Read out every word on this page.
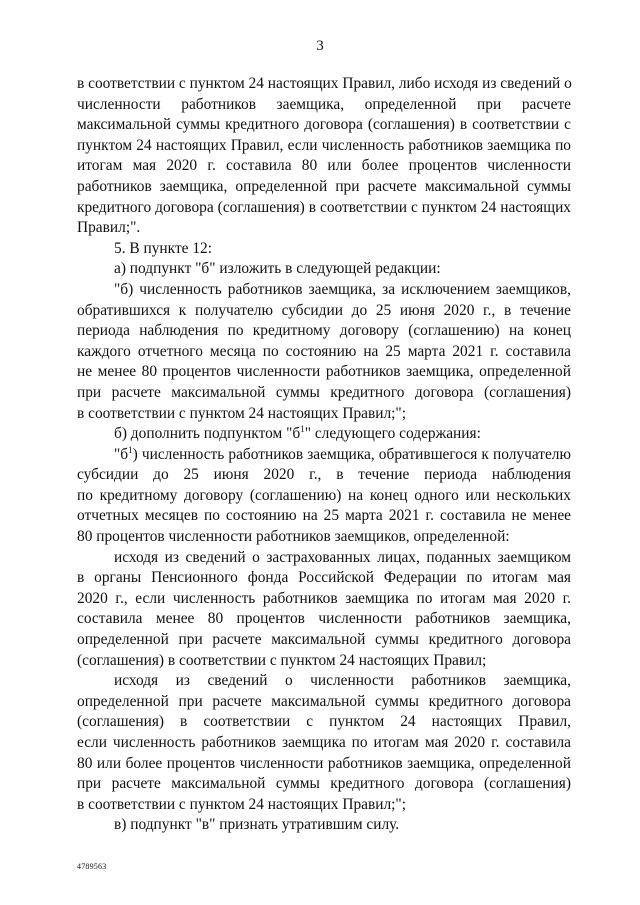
3
в соответствии с пунктом 24 настоящих Правил, либо исходя из сведений о
численности работников заемщика, определенной при расчете
максимальной суммы кредитного договора (соглашения) в соответствии с
пунктом 24 настоящих Правил, если численность работников заемщика по
итогам мая 2020 г. составила 80 или более процентов численности
работников заемщика, определенной при расчете максимальной суммы
кредитного договора (соглашения) в соответствии с пунктом 24 настоящих
Правил;".
5. В пункте 12:
а) подпункт "б" изложить в следующей редакции:
"б) численность работников заемщика, за исключением заемщиков,
обратившихся к получателю субсидии до 25 июня 2020 г., в течение
периода наблюдения по кредитному договору (соглашению) на конец
каждого отчетного месяца по состоянию на 25 марта 2021 г. составила
не менее 80 процентов численности работников заемщика, определенной
при расчете максимальной суммы кредитного договора (соглашения)
в соответствии с пунктом 24 настоящих Правил;";
б) дополнить подпунктом "$б^1$" следующего содержания:
"$б^1$) численность работников заемщика, обратившегося к получателю
субсидии до 25 июня 2020 г., в течение периода наблюдения
по кредитному договору (соглашению) на конец одного или нескольких
отчетных месяцев по состоянию на 25 марта 2021 г. составила не менее
80 процентов численности работников заемщиков, определенной:
исходя из сведений о застрахованных лицах, поданных заемщиком
в органы Пенсионного фонда Российской Федерации по итогам мая
2020 г., если численность работников заемщика по итогам мая 2020 г.
составила менее 80 процентов численности работников заемщика,
определенной при расчете максимальной суммы кредитного договора
(соглашения) в соответствии с пунктом 24 настоящих Правил;
исходя из сведений о численности работников заемщика,
определенной при расчете максимальной суммы кредитного договора
(соглашения) в соответствии с пунктом 24 настоящих Правил,
если численность работников заемщика по итогам мая 2020 г. составила
80 или более процентов численности работников заемщика, определенной
при расчете максимальной суммы кредитного договора (соглашения)
в соответствии с пунктом 24 настоящих Правил;";
в) подпункт "в" признать утратившим силу.
4789563
